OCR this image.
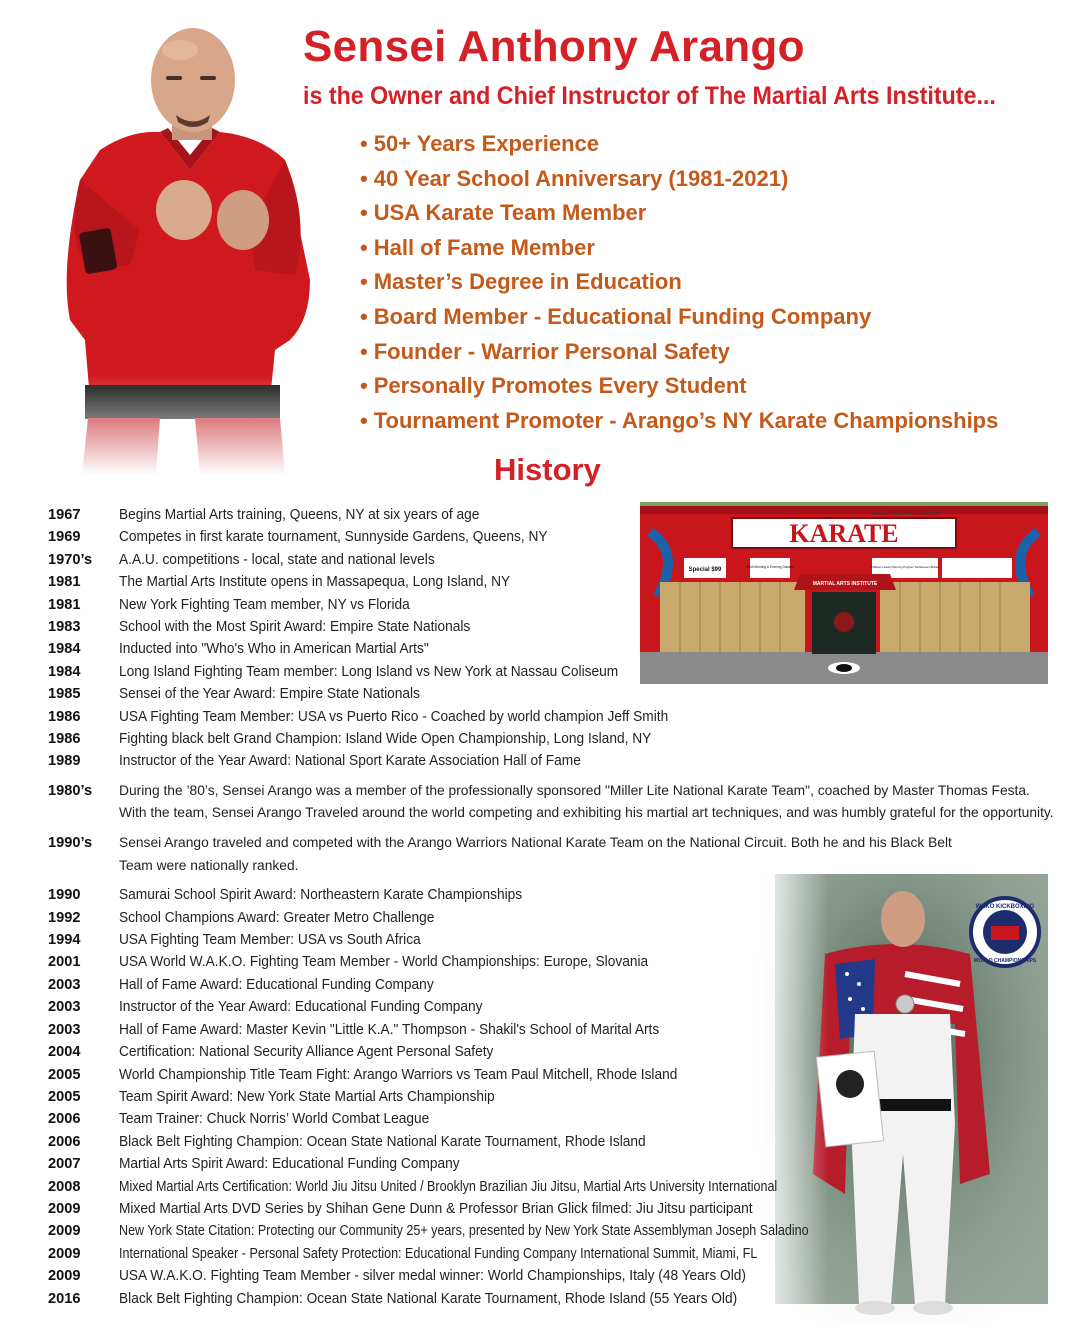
Sensei Anthony Arango
is the Owner and Chief Instructor of The Martial Arts Institute...
• 50+ Years Experience
• 40 Year School Anniversary (1981-2021)
• USA Karate Team Member
• Hall of Fame Member
• Master’s Degree in Education
• Board Member - Educational Funding Company
• Founder - Warrior Personal Safety
• Personally Promotes Every Student
• Tournament Promoter - Arango’s NY Karate Championships
History
KARATE
www.ARANGOWARRIOR.com
Special $99	Adult Morning & Evening Classes	Children's Award Winning Program Self Esteem Builder
MARTIAL ARTS INSTITUTE
1967	Begins Martial Arts training, Queens, NY at six years of age
1969	Competes in first karate tournament, Sunnyside Gardens, Queens, NY
1970’s	A.A.U. competitions - local, state and national levels
1981	The Martial Arts Institute opens in Massapequa, Long Island, NY
1981	New York Fighting Team member, NY vs Florida
1983	School with the Most Spirit Award: Empire State Nationals
1984	Inducted into "Who's Who in American Martial Arts"
1984	Long Island Fighting Team member: Long Island vs New York at Nassau Coliseum
1985	Sensei of the Year Award: Empire State Nationals
1986	USA Fighting Team Member: USA vs Puerto Rico - Coached by world champion Jeff Smith
1986	Fighting black belt Grand Champion: Island Wide Open Championship, Long Island, NY
1989	Instructor of the Year Award: National Sport Karate Association Hall of Fame
1980’s	During the ’80’s, Sensei Arango was a member of the professionally sponsored "Miller Lite National Karate Team", coached by Master Thomas Festa. With the team, Sensei Arango Traveled around the world competing and exhibiting his martial art techniques, and was humbly grateful for the opportunity.
1990’s	Sensei Arango traveled and competed with the Arango Warriors National Karate Team on the National Circuit. Both he and his Black Belt Team were nationally ranked.
1990	Samurai School Spirit Award: Northeastern Karate Championships
1992	School Champions Award: Greater Metro Challenge
1994	USA Fighting Team Member: USA vs South Africa
2001	USA World W.A.K.O. Fighting Team Member - World Championships: Europe, Slovania
2003	Hall of Fame Award: Educational Funding Company
2003	Instructor of the Year Award: Educational Funding Company
2003	Hall of Fame Award: Master Kevin "Little K.A." Thompson - Shakil's School of Marital Arts
2004	Certification: National Security Alliance Agent Personal Safety
2005	World Championship Title Team Fight: Arango Warriors vs Team Paul Mitchell, Rhode Island
2005	Team Spirit Award: New York State Martial Arts Championship
2006	Team Trainer: Chuck Norris’ World Combat League
2006	Black Belt Fighting Champion: Ocean State National Karate Tournament, Rhode Island
2007	Martial Arts Spirit Award: Educational Funding Company
2008	Mixed Martial Arts Certification: World Jiu Jitsu United / Brooklyn Brazilian Jiu Jitsu, Martial Arts University International
2009	Mixed Martial Arts DVD Series by Shihan Gene Dunn & Professor Brian Glick filmed: Jiu Jitsu participant
2009	New York State Citation: Protecting our Community 25+ years, presented by New York State Assemblyman Joseph Saladino
2009	International Speaker - Personal Safety Protection: Educational Funding Company International Summit, Miami, FL
2009	USA W.A.K.O. Fighting Team Member - silver medal winner: World Championships, Italy (48 Years Old)
2016	Black Belt Fighting Champion: Ocean State National Karate Tournament, Rhode Island (55 Years Old)
WAKO KICKBOXING
WORLD CHAMPIONSHIPS
